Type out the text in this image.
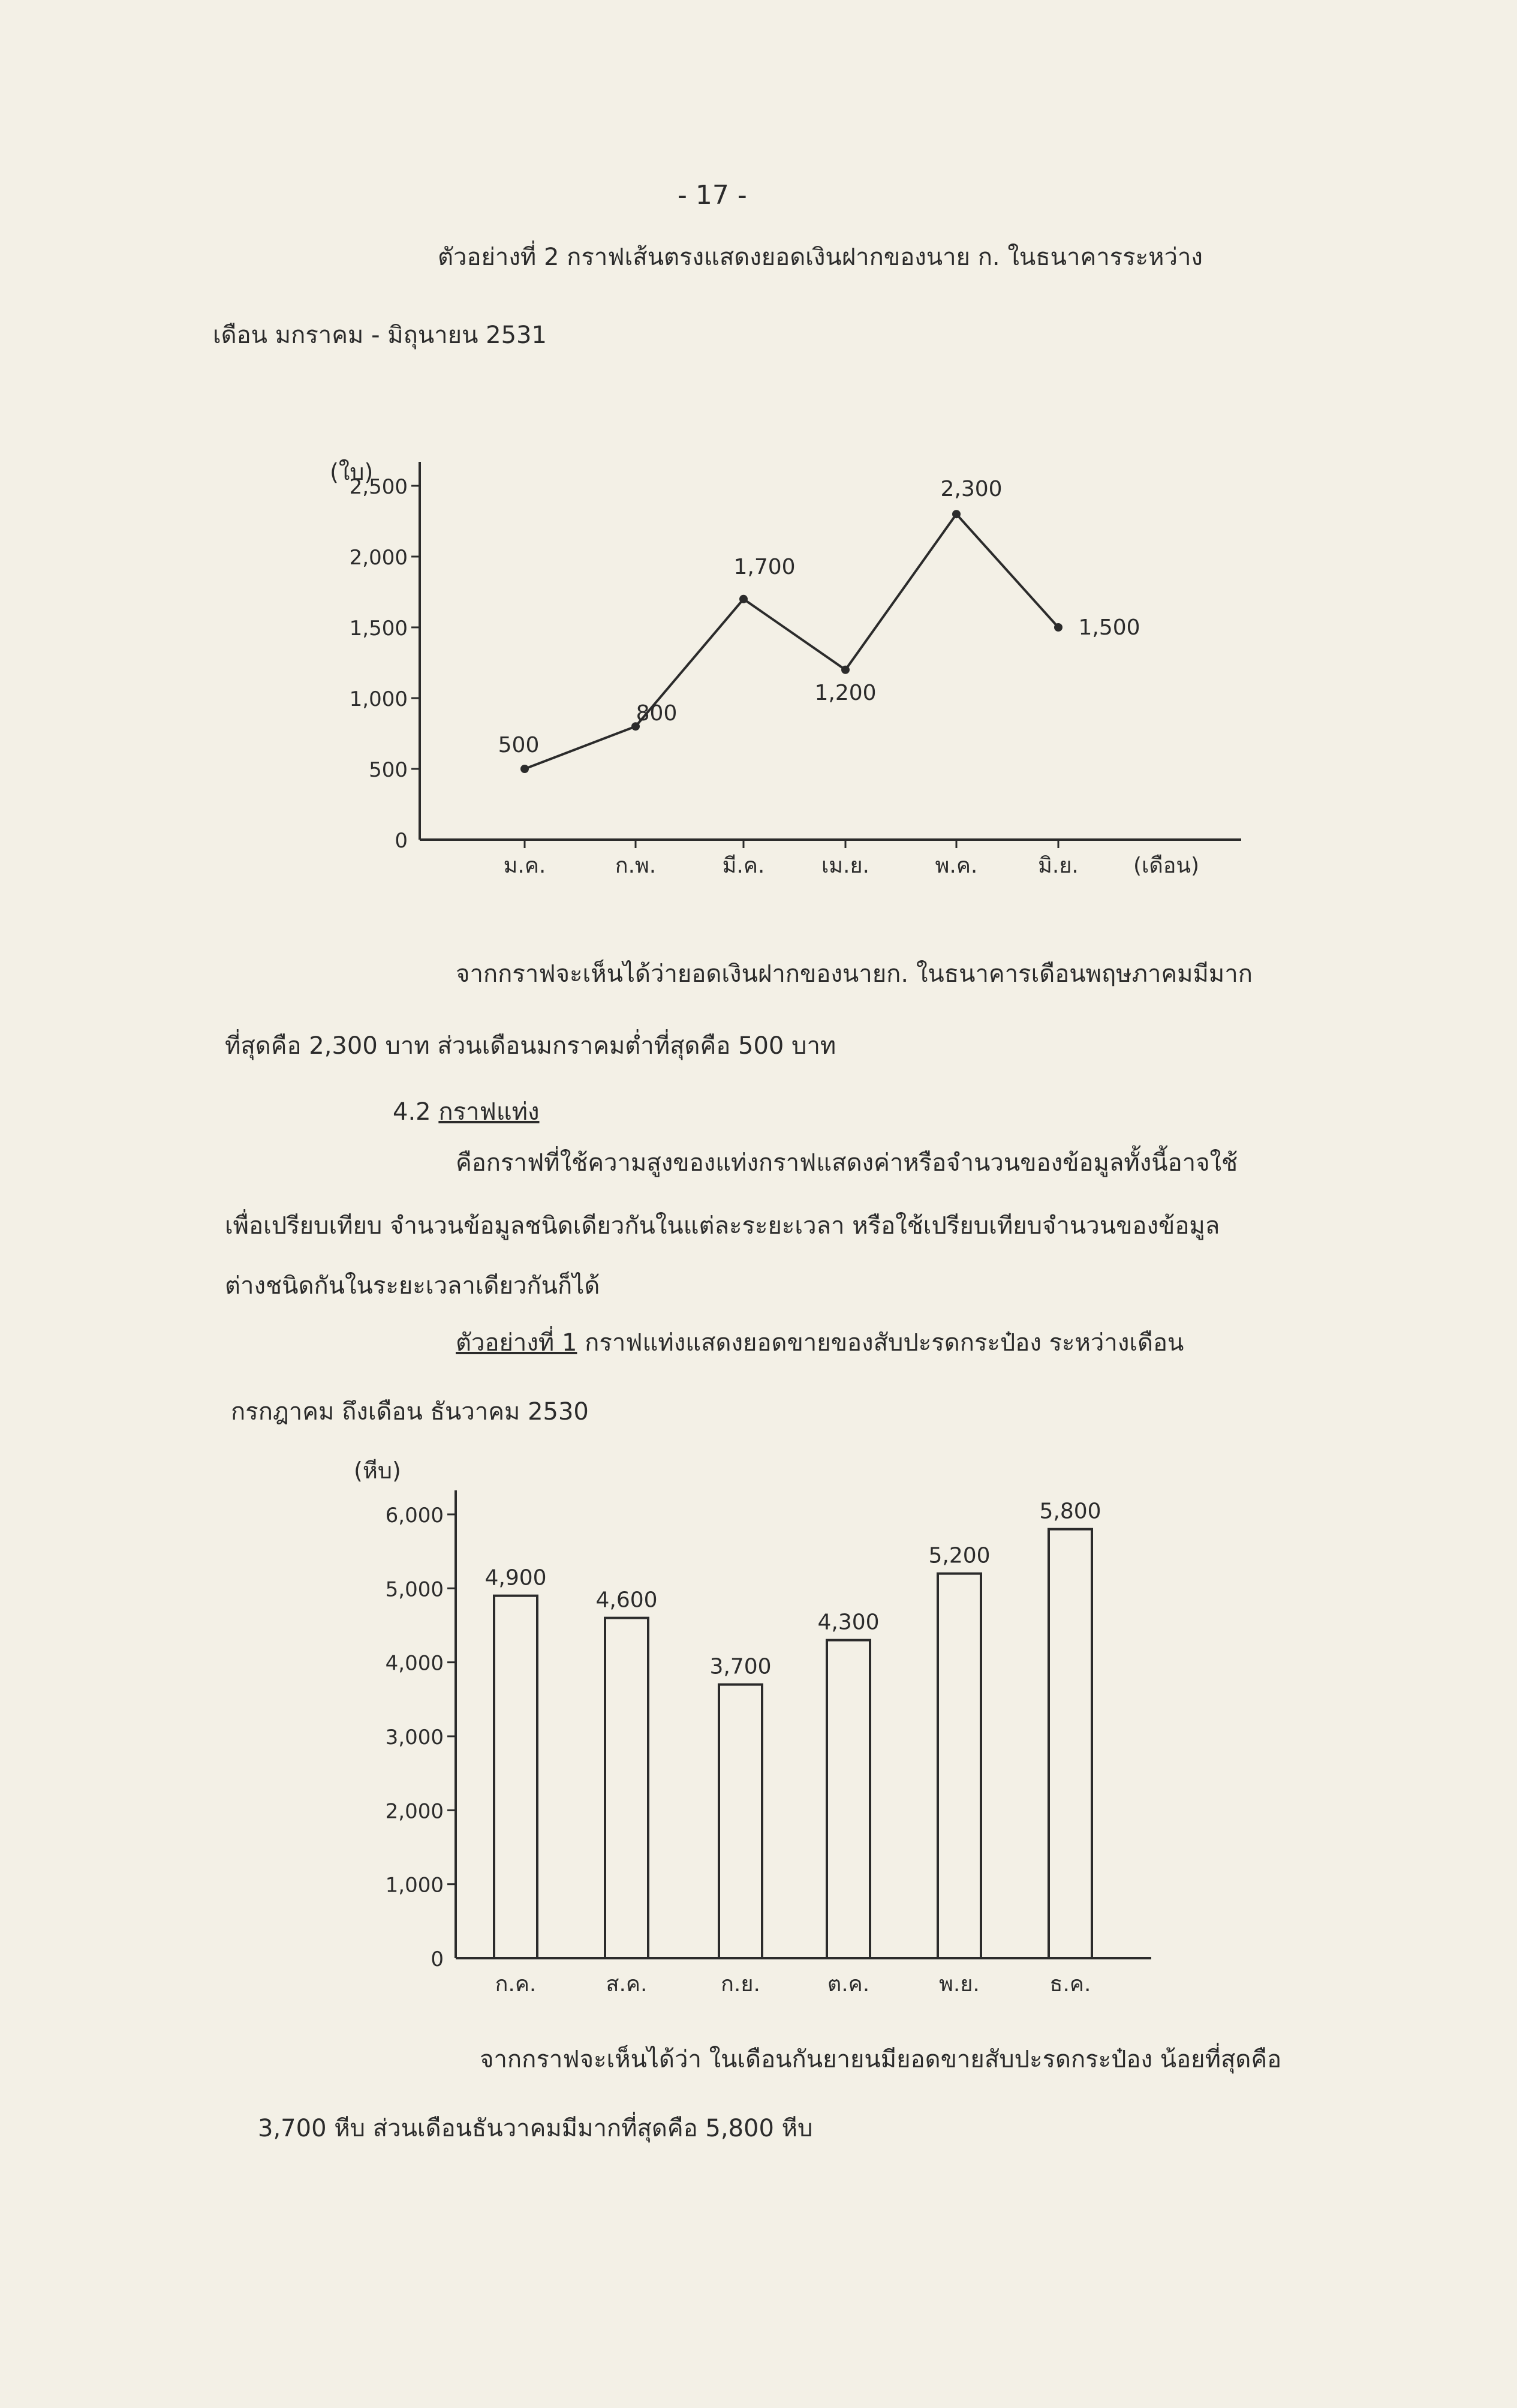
- 17 -
ตัวอย่างที่ 2 กราฟเส้นตรงแสดงยอดเงินฝากของนาย ก. ในธนาคารระหว่าง
เดือน มกราคม - มิถุนายน 2531
(ใบ)
0
500
1,000
1,500
2,000
2,500
ม.ค.	ก.พ.	มี.ค.	เม.ย.	พ.ค.	มิ.ย.	(เดือน)
500
800
1,700
1,200
2,300
1,500
จากกราฟจะเห็นได้ว่ายอดเงินฝากของนายก. ในธนาคารเดือนพฤษภาคมมีมาก
ที่สุดคือ 2,300 บาท ส่วนเดือนมกราคมต่ำที่สุดคือ 500 บาท
4.2 กราฟแท่ง
คือกราฟที่ใช้ความสูงของแท่งกราฟแสดงค่าหรือจำนวนของข้อมูลทั้งนี้อาจใช้
เพื่อเปรียบเทียบ จำนวนข้อมูลชนิดเดียวกันในแต่ละระยะเวลา หรือใช้เปรียบเทียบจำนวนของข้อมูล
ต่างชนิดกันในระยะเวลาเดียวกันก็ได้
ตัวอย่างที่ 1 กราฟแท่งแสดงยอดขายของสับปะรดกระป๋อง ระหว่างเดือน
กรกฎาคม ถึงเดือน ธันวาคม 2530
(หีบ)
0
1,000
2,000
3,000
4,000
5,000
6,000
4,900
ก.ค.
4,600
ส.ค.
3,700
ก.ย.
4,300
ต.ค.
5,200
พ.ย.
5,800
ธ.ค.
จากกราฟจะเห็นได้ว่า ในเดือนกันยายนมียอดขายสับปะรดกระป๋อง น้อยที่สุดคือ
3,700 หีบ ส่วนเดือนธันวาคมมีมากที่สุดคือ 5,800 หีบ
